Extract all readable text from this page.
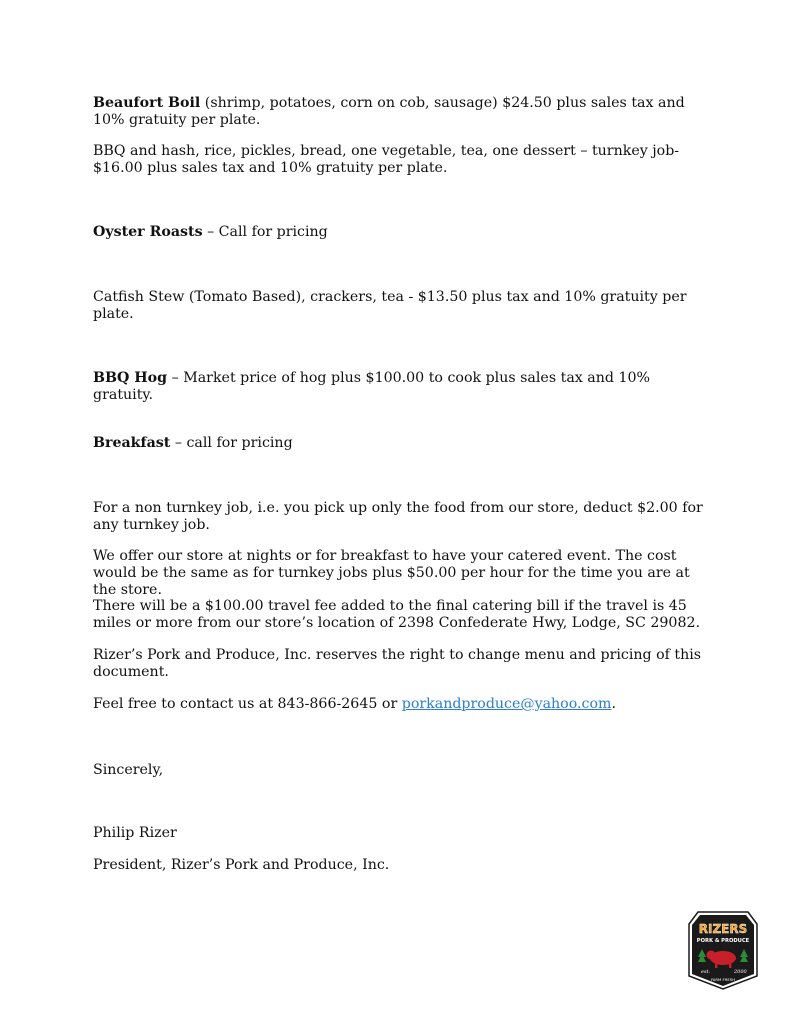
Beaufort Boil (shrimp, potatoes, corn on cob, sausage) $24.50 plus sales tax and 10% gratuity per plate.

BBQ and hash, rice, pickles, bread, one vegetable, tea, one dessert – turnkey job- $16.00 plus sales tax and 10% gratuity per plate.

Oyster Roasts – Call for pricing

Catfish Stew (Tomato Based), crackers, tea - $13.50 plus tax and 10% gratuity per plate.

BBQ Hog – Market price of hog plus $100.00 to cook plus sales tax and 10% gratuity.

Breakfast – call for pricing

For a non turnkey job, i.e. you pick up only the food from our store, deduct $2.00 for any turnkey job.

We offer our store at nights or for breakfast to have your catered event. The cost would be the same as for turnkey jobs plus $50.00 per hour for the time you are at the store.

There will be a $100.00 travel fee added to the final catering bill if the travel is 45 miles or more from our store’s location of 2398 Confederate Hwy, Lodge, SC 29082.

Rizer’s Pork and Produce, Inc. reserves the right to change menu and pricing of this document.

Feel free to contact us at 843-866-2645 or porkandproduce@yahoo.com.

Sincerely,

Philip Rizer

President, Rizer’s Pork and Produce, Inc.

RIZERS
PORK & PRODUCE
est.	2000
FARM FRESH
